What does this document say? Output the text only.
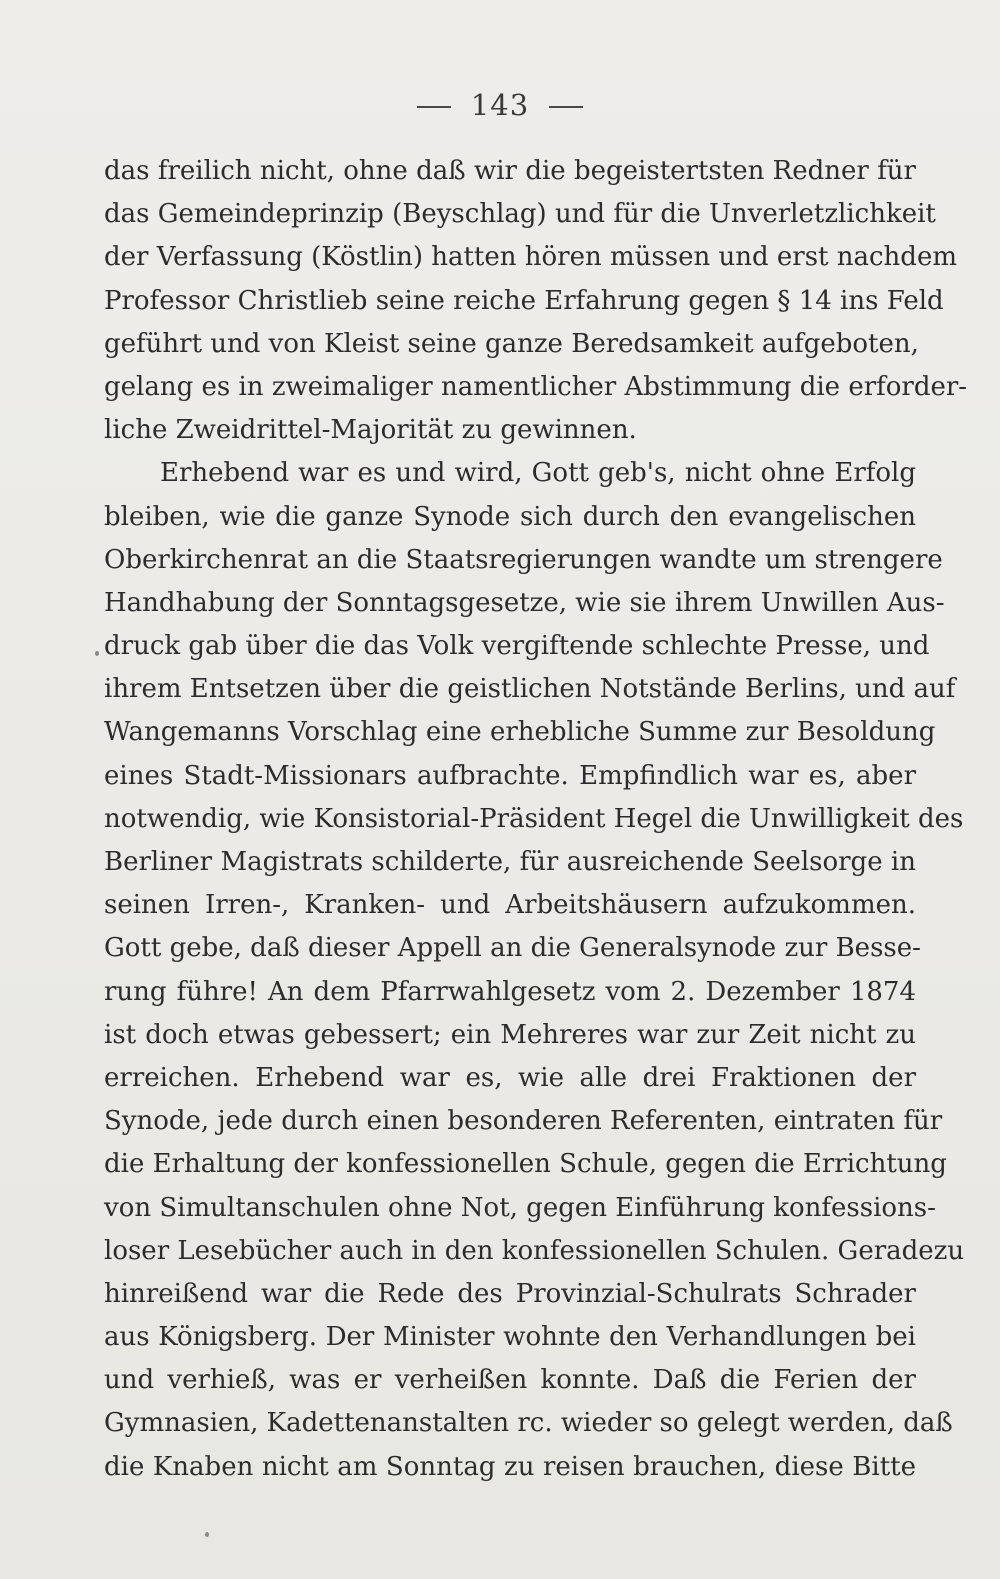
143
das freilich nicht, ohne daß wir die begeistertsten Redner für
das Gemeindeprinzip (Beyschlag) und für die Unverletzlichkeit
der Verfassung (Köstlin) hatten hören müssen und erst nachdem
Professor Christlieb seine reiche Erfahrung gegen § 14 ins Feld
geführt und von Kleist seine ganze Beredsamkeit aufgeboten,
gelang es in zweimaliger namentlicher Abstimmung die erforder-
liche Zweidrittel-Majorität zu gewinnen.
Erhebend war es und wird, Gott geb's, nicht ohne Erfolg
bleiben, wie die ganze Synode sich durch den evangelischen
Oberkirchenrat an die Staatsregierungen wandte um strengere
Handhabung der Sonntagsgesetze, wie sie ihrem Unwillen Aus-
druck gab über die das Volk vergiftende schlechte Presse, und
ihrem Entsetzen über die geistlichen Notstände Berlins, und auf
Wangemanns Vorschlag eine erhebliche Summe zur Besoldung
eines Stadt-Missionars aufbrachte. Empfindlich war es, aber
notwendig, wie Konsistorial-Präsident Hegel die Unwilligkeit des
Berliner Magistrats schilderte, für ausreichende Seelsorge in
seinen Irren-, Kranken- und Arbeitshäusern aufzukommen.
Gott gebe, daß dieser Appell an die Generalsynode zur Besse-
rung führe! An dem Pfarrwahlgesetz vom 2. Dezember 1874
ist doch etwas gebessert; ein Mehreres war zur Zeit nicht zu
erreichen. Erhebend war es, wie alle drei Fraktionen der
Synode, jede durch einen besonderen Referenten, eintraten für
die Erhaltung der konfessionellen Schule, gegen die Errichtung
von Simultanschulen ohne Not, gegen Einführung konfessions-
loser Lesebücher auch in den konfessionellen Schulen. Geradezu
hinreißend war die Rede des Provinzial-Schulrats Schrader
aus Königsberg. Der Minister wohnte den Verhandlungen bei
und verhieß, was er verheißen konnte. Daß die Ferien der
Gymnasien, Kadettenanstalten rc. wieder so gelegt werden, daß
die Knaben nicht am Sonntag zu reisen brauchen, diese Bitte
